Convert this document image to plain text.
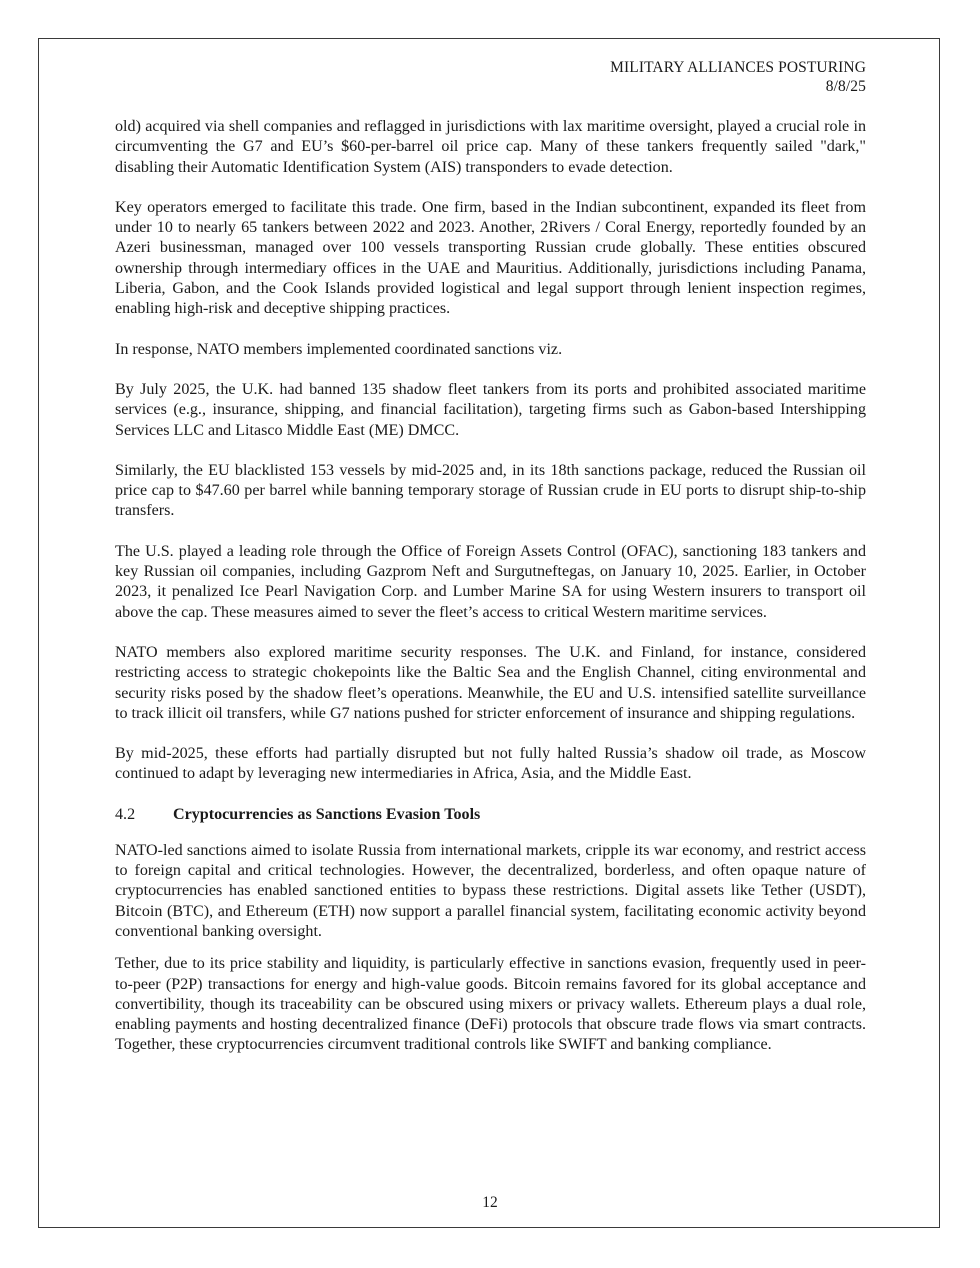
MILITARY ALLIANCES POSTURING
8/8/25

old) acquired via shell companies and reflagged in jurisdictions with lax maritime oversight, played a crucial role in circumventing the G7 and EU’s $60-per-barrel oil price cap. Many of these tankers frequently sailed "dark," disabling their Automatic Identification System (AIS) transponders to evade detection.

Key operators emerged to facilitate this trade. One firm, based in the Indian subcontinent, expanded its fleet from under 10 to nearly 65 tankers between 2022 and 2023. Another, 2Rivers / Coral Energy, reportedly founded by an Azeri businessman, managed over 100 vessels transporting Russian crude globally. These entities obscured ownership through intermediary offices in the UAE and Mauritius. Additionally, jurisdictions including Panama, Liberia, Gabon, and the Cook Islands provided logistical and legal support through lenient inspection regimes, enabling high-risk and deceptive shipping practices.

In response, NATO members implemented coordinated sanctions viz.

By July 2025, the U.K. had banned 135 shadow fleet tankers from its ports and prohibited associated maritime services (e.g., insurance, shipping, and financial facilitation), targeting firms such as Gabon-based Intershipping Services LLC and Litasco Middle East (ME) DMCC.

Similarly, the EU blacklisted 153 vessels by mid-2025 and, in its 18th sanctions package, reduced the Russian oil price cap to $47.60 per barrel while banning temporary storage of Russian crude in EU ports to disrupt ship-to-ship transfers.

The U.S. played a leading role through the Office of Foreign Assets Control (OFAC), sanctioning 183 tankers and key Russian oil companies, including Gazprom Neft and Surgutneftegas, on January 10, 2025. Earlier, in October 2023, it penalized Ice Pearl Navigation Corp. and Lumber Marine SA for using Western insurers to transport oil above the cap. These measures aimed to sever the fleet’s access to critical Western maritime services.

NATO members also explored maritime security responses. The U.K. and Finland, for instance, considered restricting access to strategic chokepoints like the Baltic Sea and the English Channel, citing environmental and security risks posed by the shadow fleet’s operations. Meanwhile, the EU and U.S. intensified satellite surveillance to track illicit oil transfers, while G7 nations pushed for stricter enforcement of insurance and shipping regulations.

By mid-2025, these efforts had partially disrupted but not fully halted Russia’s shadow oil trade, as Moscow continued to adapt by leveraging new intermediaries in Africa, Asia, and the Middle East.

4.2	Cryptocurrencies as Sanctions Evasion Tools

NATO-led sanctions aimed to isolate Russia from international markets, cripple its war economy, and restrict access to foreign capital and critical technologies. However, the decentralized, borderless, and often opaque nature of cryptocurrencies has enabled sanctioned entities to bypass these restrictions. Digital assets like Tether (USDT), Bitcoin (BTC), and Ethereum (ETH) now support a parallel financial system, facilitating economic activity beyond conventional banking oversight.

Tether, due to its price stability and liquidity, is particularly effective in sanctions evasion, frequently used in peer-to-peer (P2P) transactions for energy and high-value goods. Bitcoin remains favored for its global acceptance and convertibility, though its traceability can be obscured using mixers or privacy wallets. Ethereum plays a dual role, enabling payments and hosting decentralized finance (DeFi) protocols that obscure trade flows via smart contracts. Together, these cryptocurrencies circumvent traditional controls like SWIFT and banking compliance.

12
